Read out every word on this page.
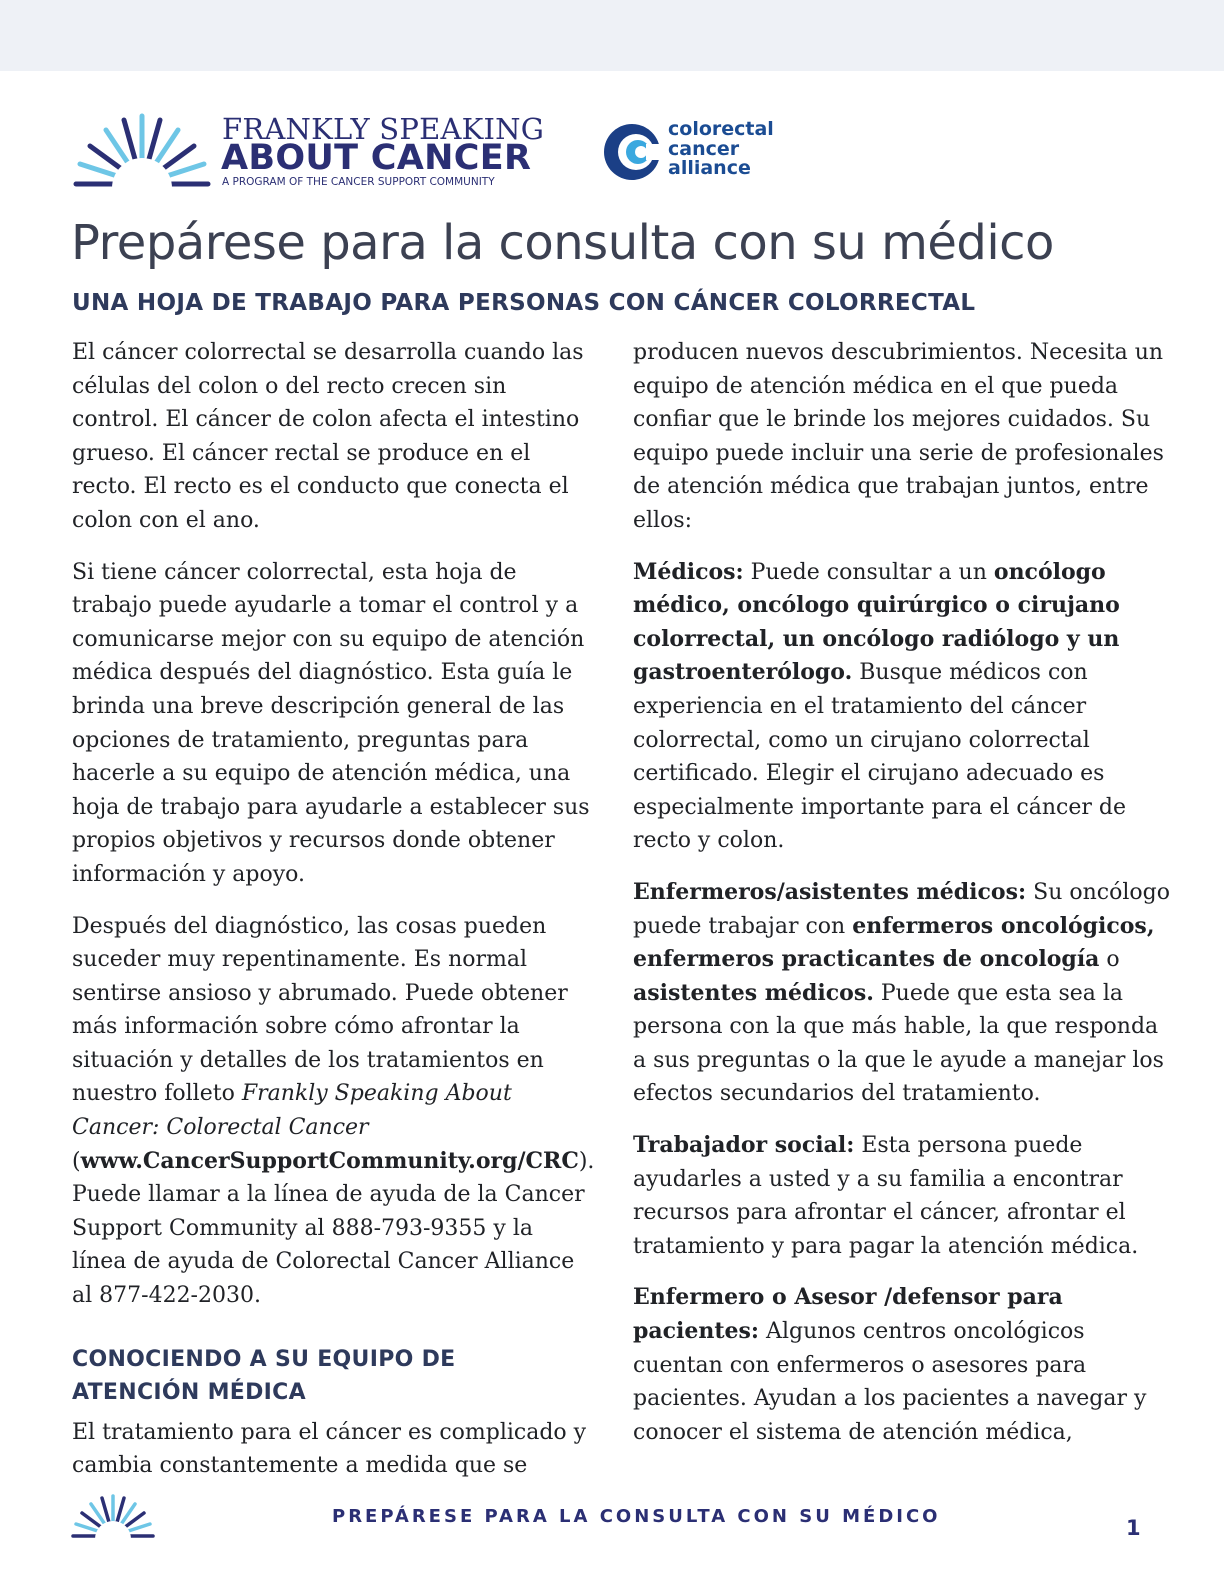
FRANKLY SPEAKING
ABOUT CANCER
A PROGRAM OF THE CANCER SUPPORT COMMUNITY
colorectal
cancer
alliance
Prepárese para la consulta con su médico
UNA HOJA DE TRABAJO PARA PERSONAS CON CÁNCER COLORRECTAL

El cáncer colorrectal se desarrolla cuando las células del colon o del recto crecen sin control. El cáncer de colon afecta el intestino grueso. El cáncer rectal se produce en el recto. El recto es el conducto que conecta el colon con el ano.

Si tiene cáncer colorrectal, esta hoja de trabajo puede ayudarle a tomar el control y a comunicarse mejor con su equipo de atención médica después del diagnóstico. Esta guía le brinda una breve descripción general de las opciones de tratamiento, preguntas para hacerle a su equipo de atención médica, una hoja de trabajo para ayudarle a establecer sus propios objetivos y recursos donde obtener información y apoyo.

Después del diagnóstico, las cosas pueden suceder muy repentinamente. Es normal sentirse ansioso y abrumado. Puede obtener más información sobre cómo afrontar la situación y detalles de los tratamientos en nuestro folleto Frankly Speaking About Cancer: Colorectal Cancer (www.CancerSupportCommunity.org/CRC). Puede llamar a la línea de ayuda de la Cancer Support Community al 888-793-9355 y la línea de ayuda de Colorectal Cancer Alliance al 877-422-2030.

CONOCIENDO A SU EQUIPO DE
ATENCIÓN MÉDICA

El tratamiento para el cáncer es complicado y cambia constantemente a medida que se

producen nuevos descubrimientos. Necesita un equipo de atención médica en el que pueda confiar que le brinde los mejores cuidados. Su equipo puede incluir una serie de profesionales de atención médica que trabajan juntos, entre ellos:

Médicos: Puede consultar a un oncólogo médico, oncólogo quirúrgico o cirujano colorrectal, un oncólogo radiólogo y un gastroenterólogo. Busque médicos con experiencia en el tratamiento del cáncer colorrectal, como un cirujano colorrectal certificado. Elegir el cirujano adecuado es especialmente importante para el cáncer de recto y colon.

Enfermeros/asistentes médicos: Su oncólogo puede trabajar con enfermeros oncológicos, enfermeros practicantes de oncología o asistentes médicos. Puede que esta sea la persona con la que más hable, la que responda a sus preguntas o la que le ayude a manejar los efectos secundarios del tratamiento.

Trabajador social: Esta persona puede ayudarles a usted y a su familia a encontrar recursos para afrontar el cáncer, afrontar el tratamiento y para pagar la atención médica.

Enfermero o Asesor /defensor para pacientes: Algunos centros oncológicos cuentan con enfermeros o asesores para pacientes. Ayudan a los pacientes a navegar y conocer el sistema de atención médica,

PREPÁRESE PARA LA CONSULTA CON SU MÉDICO	1
